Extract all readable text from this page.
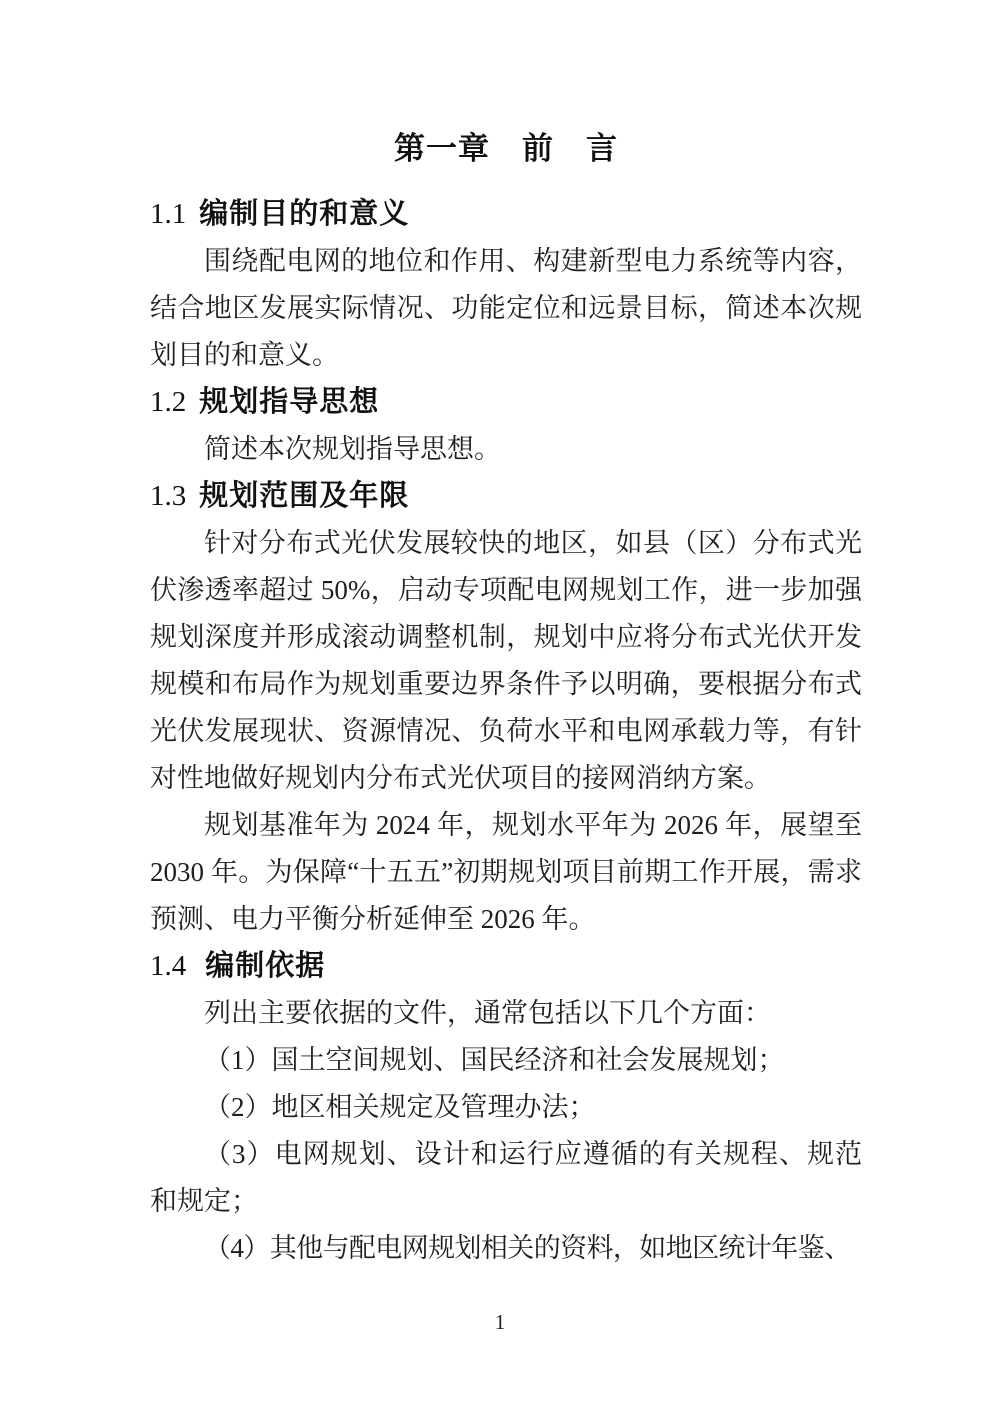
第一章　前　言
1.1 编制目的和意义

围绕配电网的地位和作用、构建新型电力系统等内容，结合地区发展实际情况、功能定位和远景目标，简述本次规划目的和意义。

1.2 规划指导思想

简述本次规划指导思想。

1.3 规划范围及年限

针对分布式光伏发展较快的地区，如县（区）分布式光伏渗透率超过 50%，启动专项配电网规划工作，进一步加强规划深度并形成滚动调整机制，规划中应将分布式光伏开发规模和布局作为规划重要边界条件予以明确，要根据分布式光伏发展现状、资源情况、负荷水平和电网承载力等，有针对性地做好规划内分布式光伏项目的接网消纳方案。

规划基准年为 2024 年，规划水平年为 2026 年，展望至 2030 年。为保障“十五五”初期规划项目前期工作开展，需求预测、电力平衡分析延伸至 2026 年。

1.4 编制依据

列出主要依据的文件，通常包括以下几个方面：

（1）国土空间规划、国民经济和社会发展规划；

（2）地区相关规定及管理办法；

（3）电网规划、设计和运行应遵循的有关规程、规范和规定；

（4）其他与配电网规划相关的资料，如地区统计年鉴、

1
